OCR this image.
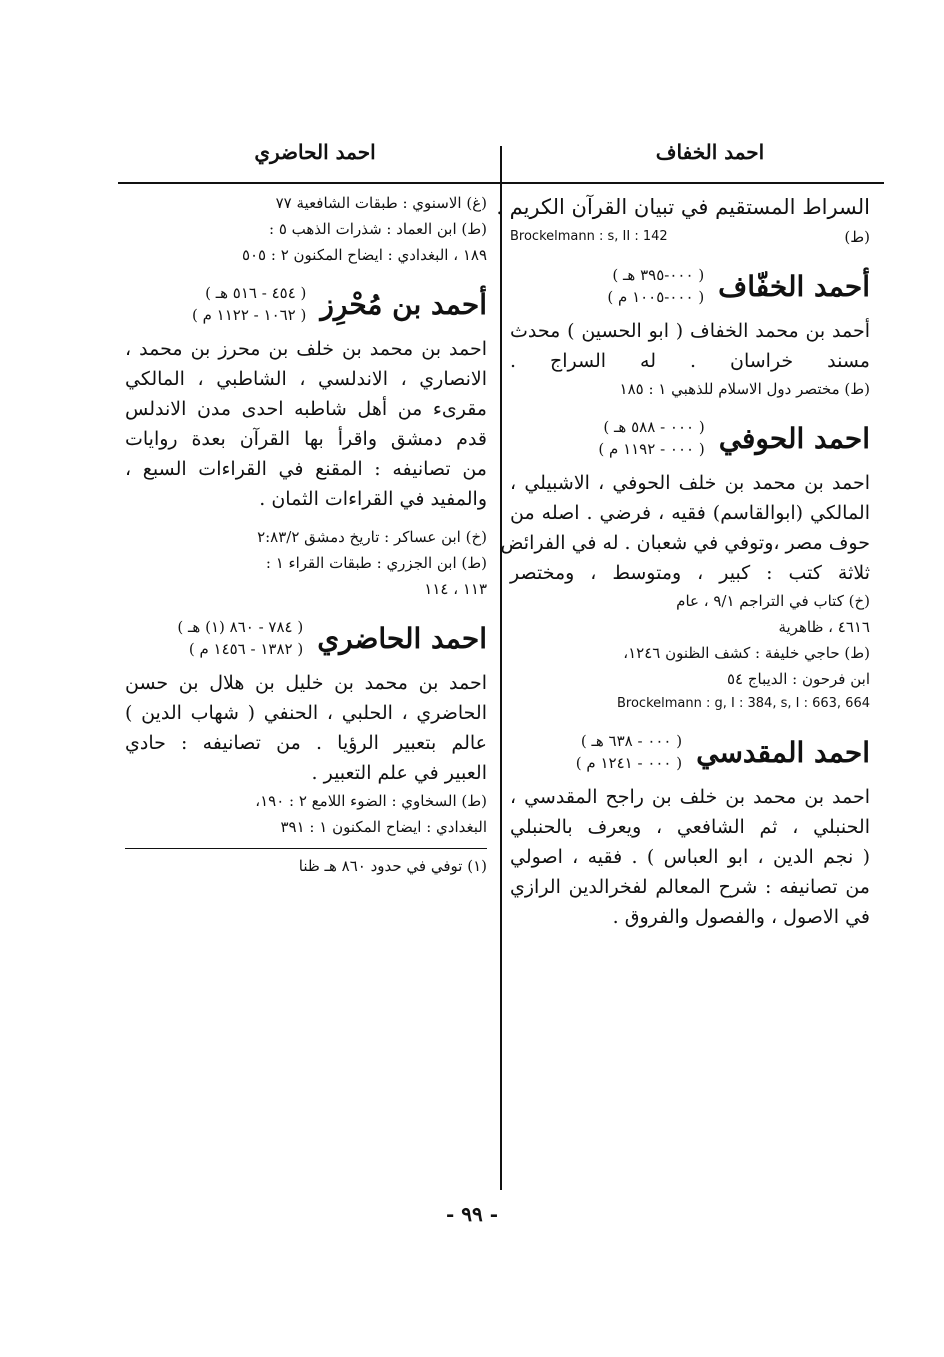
احمد الخفاف
احمد الحاضري
السراط المستقيم في تبيان القرآن الكريم .
Brockelmann : s, II : 142	(ط)
أحمد الخفّاف
( ٠٠٠-٣٩٥ هـ )
( ٠٠٠-١٠٠٥ م )
أحمد بن محمد الخفاف ( ابو الحسين ) محدث
مسند خراسان . له السراج .
(ط) مختصر دول الاسلام للذهبي ١ : ١٨٥
احمد الحوفي
( ٠٠٠ - ٥٨٨ هـ )
( ٠٠٠ - ١١٩٢ م )
احمد بن محمد بن خلف الحوفي ، الاشبيلي ،
المالكي (ابوالقاسم) فقيه ، فرضي . اصله من
حوف مصر ،وتوفي في شعبان . له في الفرائض
ثلاثة كتب : كبير ، ومتوسط ، ومختصر
(خ) كتاب في التراجم ٩/١ ، عام
٤٦١٦ ، ظاهرية
(ط) حاجي خليفة : كشف الظنون ١٢٤٦،
ابن فرحون : الديباج ٥٤
Brockelmann : g, I : 384, s, I : 663, 664
احمد المقدسي
( ٠٠٠ - ٦٣٨ هـ )
( ٠٠٠ - ١٢٤١ م )
احمد بن محمد بن خلف بن راجح المقدسي ،
الحنبلي ، ثم الشافعي ، ويعرف بالحنبلي
( نجم الدين ، ابو العباس ) . فقيه ، اصولي
من تصانيفه : شرح المعالم لفخرالدين الرازي
في الاصول ، والفصول والفروق .
(غ) الاسنوي : طبقات الشافعية ٧٧
(ط) ابن العماد : شذرات الذهب ٥ :
١٨٩ ، البغدادي : ايضاح المكنون ٢ : ٥٠٥
أحمد بن مُحْرِز
( ٤٥٤ - ٥١٦ هـ )
( ١٠٦٢ - ١١٢٢ م )
احمد بن محمد بن خلف بن محرز بن محمد ،
الانصاري ، الاندلسي ، الشاطبي ، المالكي
مقرىء من أهل شاطبه احدى مدن الاندلس
قدم دمشق واقرأ بها القرآن بعدة روايات
من تصانيفه : المقنع في القراءات السبع ،
والمفيد في القراءات الثمان .
(خ) ابن عساكر : تاريخ دمشق ٢:٨٣/٢
(ط) ابن الجزري : طبقات القراء ١ :
١١٣ ، ١١٤
احمد الحاضري
( ٧٨٤ - ٨٦٠ (١) هـ )
( ١٣٨٢ - ١٤٥٦ م )
احمد بن محمد بن خليل بن هلال بن حسن
الحاضري ، الحلبي ، الحنفي ( شهاب الدين )
عالم بتعبير الرؤيا . من تصانيفه : حادي
العبير في علم التعبير .
(ط) السخاوي : الضوء اللامع ٢ : ١٩٠،
البغدادي : ايضاح المكنون ١ : ٣٩١
(١) توفي في حدود ٨٦٠ هـ ظنا
- ٩٩ -
